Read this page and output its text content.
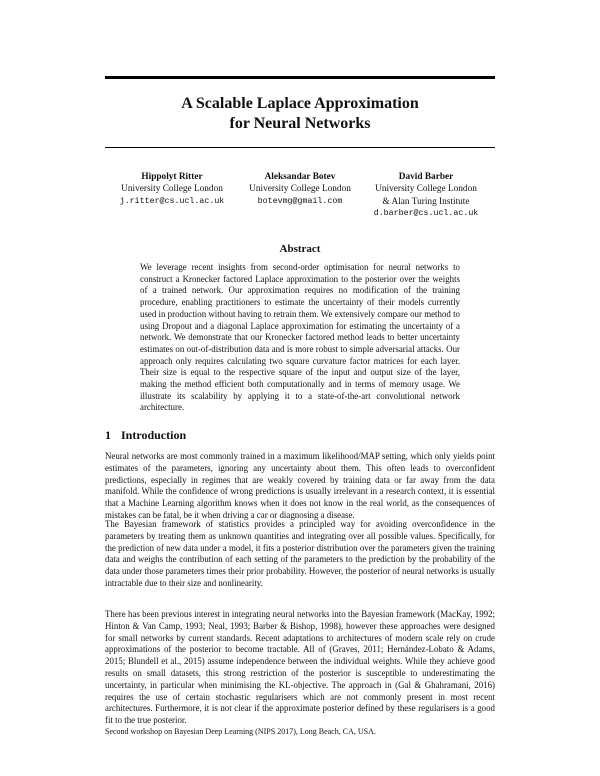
A Scalable Laplace Approximation
for Neural Networks
Hippolyt Ritter
University College London
j.ritter@cs.ucl.ac.uk
Aleksandar Botev
University College London
botevmg@gmail.com
David Barber
University College London
& Alan Turing Institute
d.barber@cs.ucl.ac.uk
Abstract
We leverage recent insights from second-order optimisation for neural networks to construct a Kronecker factored Laplace approximation to the posterior over the weights of a trained network. Our approximation requires no modification of the training procedure, enabling practitioners to estimate the uncertainty of their models currently used in production without having to retrain them. We extensively compare our method to using Dropout and a diagonal Laplace approximation for estimating the uncertainty of a network. We demonstrate that our Kronecker factored method leads to better uncertainty estimates on out-of-distribution data and is more robust to simple adversarial attacks. Our approach only requires calculating two square curvature factor matrices for each layer. Their size is equal to the respective square of the input and output size of the layer, making the method efficient both computationally and in terms of memory usage. We illustrate its scalability by applying it to a state-of-the-art convolutional network architecture.
1 Introduction
Neural networks are most commonly trained in a maximum likelihood/MAP setting, which only yields point estimates of the parameters, ignoring any uncertainty about them. This often leads to overconfident predictions, especially in regimes that are weakly covered by training data or far away from the data manifold. While the confidence of wrong predictions is usually irrelevant in a research context, it is essential that a Machine Learning algorithm knows when it does not know in the real world, as the consequences of mistakes can be fatal, be it when driving a car or diagnosing a disease.
The Bayesian framework of statistics provides a principled way for avoiding overconfidence in the parameters by treating them as unknown quantities and integrating over all possible values. Specifically, for the prediction of new data under a model, it fits a posterior distribution over the parameters given the training data and weighs the contribution of each setting of the parameters to the prediction by the probability of the data under those parameters times their prior probability. However, the posterior of neural networks is usually intractable due to their size and nonlinearity.
There has been previous interest in integrating neural networks into the Bayesian framework (MacKay, 1992; Hinton & Van Camp, 1993; Neal, 1993; Barber & Bishop, 1998), however these approaches were designed for small networks by current standards. Recent adaptations to architectures of modern scale rely on crude approximations of the posterior to become tractable. All of (Graves, 2011; Hernández-Lobato & Adams, 2015; Blundell et al., 2015) assume independence between the individual weights. While they achieve good results on small datasets, this strong restriction of the posterior is susceptible to underestimating the uncertainty, in particular when minimising the KL-objective. The approach in (Gal & Ghahramani, 2016) requires the use of certain stochastic regularisers which are not commonly present in most recent architectures. Furthermore, it is not clear if the approximate posterior defined by these regularisers is a good fit to the true posterior.
Second workshop on Bayesian Deep Learning (NIPS 2017), Long Beach, CA, USA.
